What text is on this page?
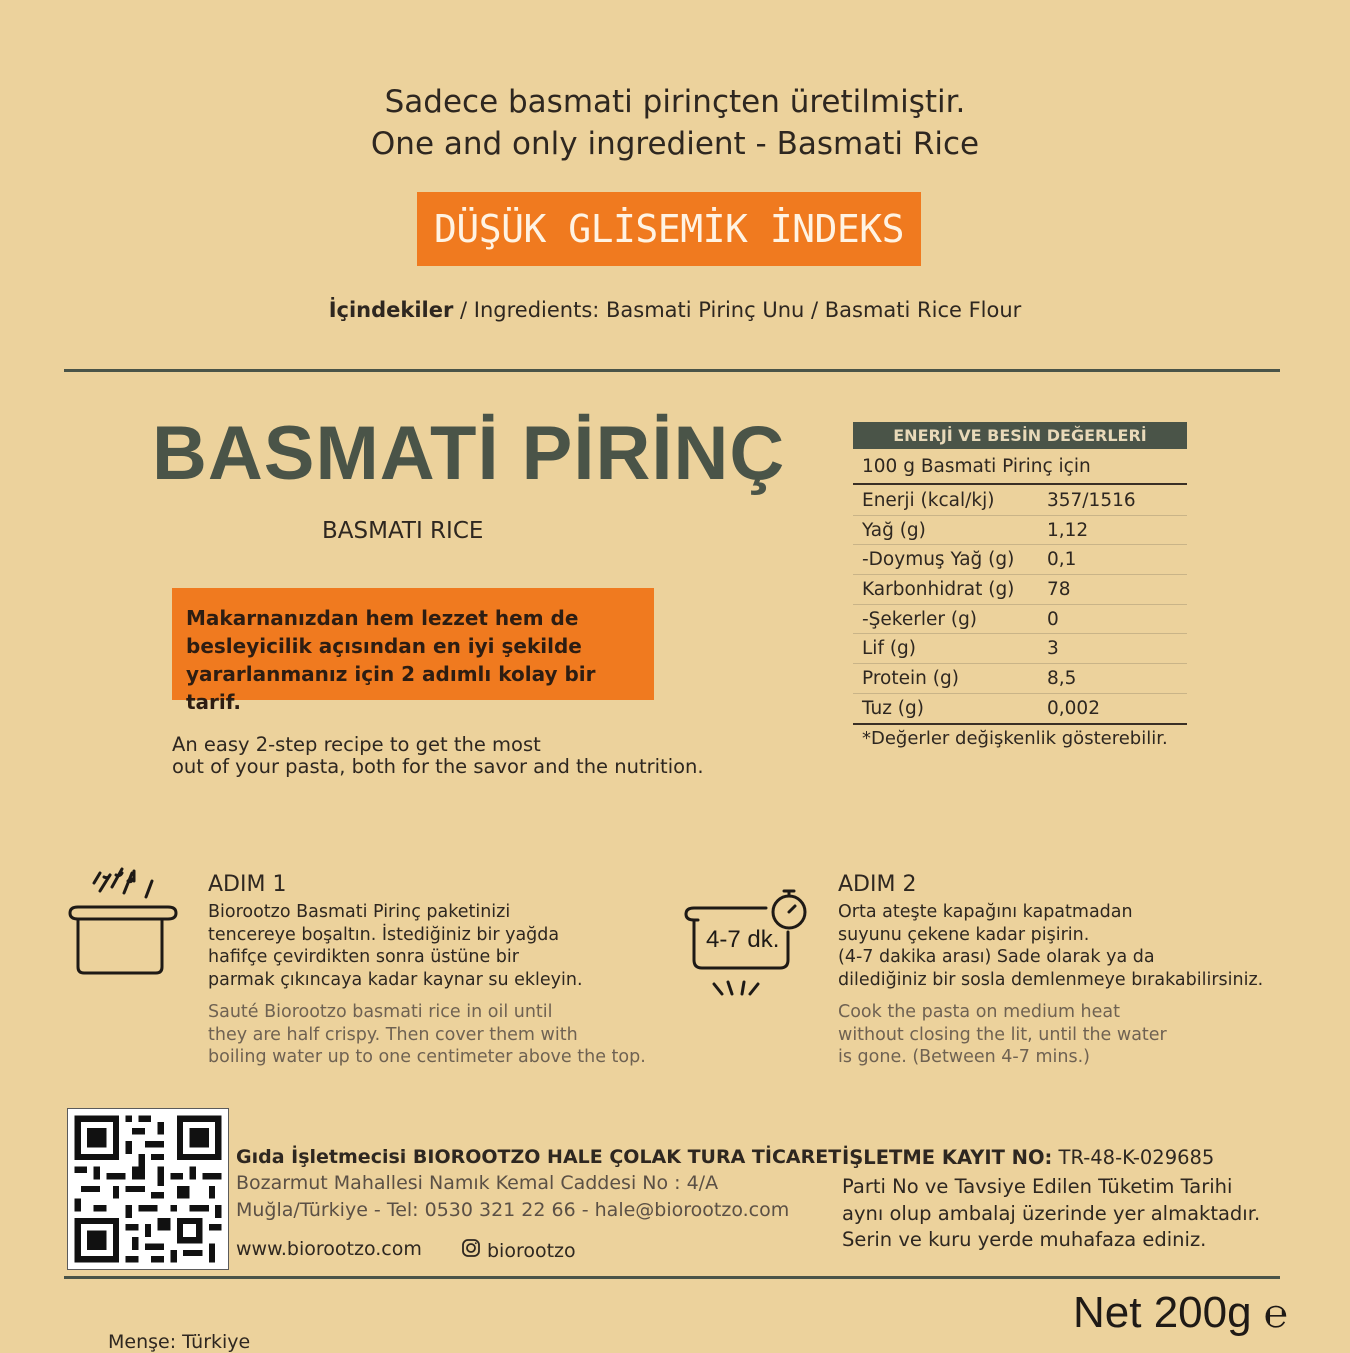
Sadece basmati pirinçten üretilmiştir.
One and only ingredient - Basmati Rice
DÜŞÜK GLİSEMİK İNDEKS
İçindekiler / Ingredients: Basmati Pirinç Unu / Basmati Rice Flour
BASMATİ PİRİNÇ
BASMATI RICE
Makarnanızdan hem lezzet hem de besleyicilik açısından en iyi şekilde yararlanmanız için 2 adımlı kolay bir tarif.
An easy 2-step recipe to get the most
out of your pasta, both for the savor and the nutrition.
ENERJİ VE BESİN DEĞERLERİ
100 g Basmati Pirinç için
Enerji (kcal/kj)	357/1516
Yağ (g)	1,12
-Doymuş Yağ (g)	0,1
Karbonhidrat (g)	78
-Şekerler (g)	0
Lif (g)	3
Protein (g)	8,5
Tuz (g)	0,002
*Değerler değişkenlik gösterebilir.
ADIM 1
Biorootzo Basmati Pirinç paketinizi
tencereye boşaltın. İstediğiniz bir yağda
hafifçe çevirdikten sonra üstüne bir
parmak çıkıncaya kadar kaynar su ekleyin.
Sauté Biorootzo basmati rice in oil until
they are half crispy. Then cover them with
boiling water up to one centimeter above the top.
4-7 dk.
ADIM 2
Orta ateşte kapağını kapatmadan
suyunu çekene kadar pişirin.
(4-7 dakika arası) Sade olarak ya da
dilediğiniz bir sosla demlenmeye bırakabilirsiniz.
Cook the pasta on medium heat
without closing the lit, until the water
is gone. (Between 4-7 mins.)
Gıda İşletmecisi BIOROOTZO HALE ÇOLAK TURA TİCARET
Bozarmut Mahallesi Namık Kemal Caddesi No : 4/A
Muğla/Türkiye - Tel: 0530 321 22 66 - hale@biorootzo.com
www.biorootzo.com	biorootzo
İŞLETME KAYIT NO: TR-48-K-029685
Parti No ve Tavsiye Edilen Tüketim Tarihi
aynı olup ambalaj üzerinde yer almaktadır.
Serin ve kuru yerde muhafaza ediniz.
Net 200g ℮
Menşe: Türkiye
